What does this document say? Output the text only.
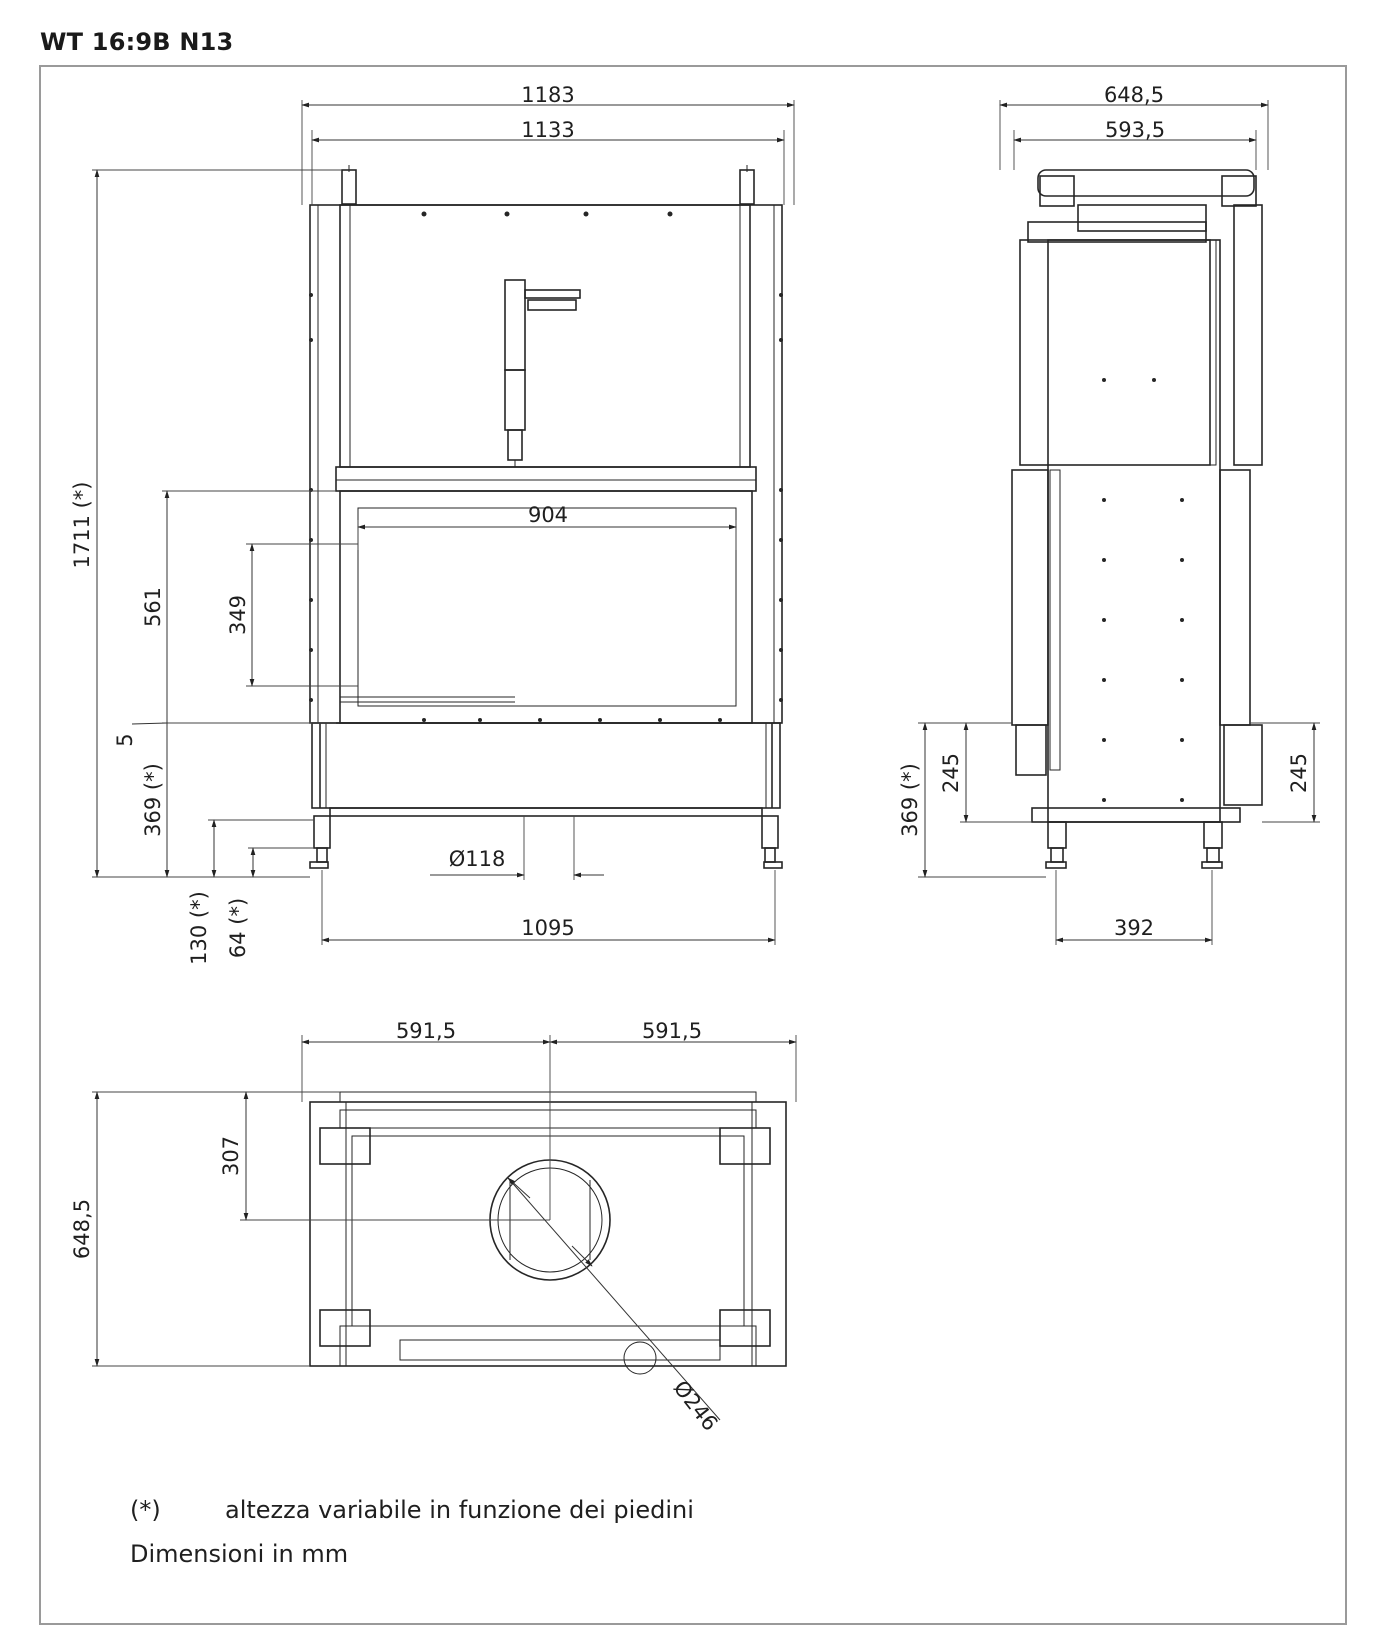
WT 16:9B N13
1183
1133
1711 (*)
561	349
904
5
369 (*)
130 (*) 64 (*)
Ø118
1095
648,5
593,5
369 (*) 245	245
392
591,5	591,5
648,5
307
Ø246
(*)	altezza variabile in funzione dei piedini
Dimensioni in mm
